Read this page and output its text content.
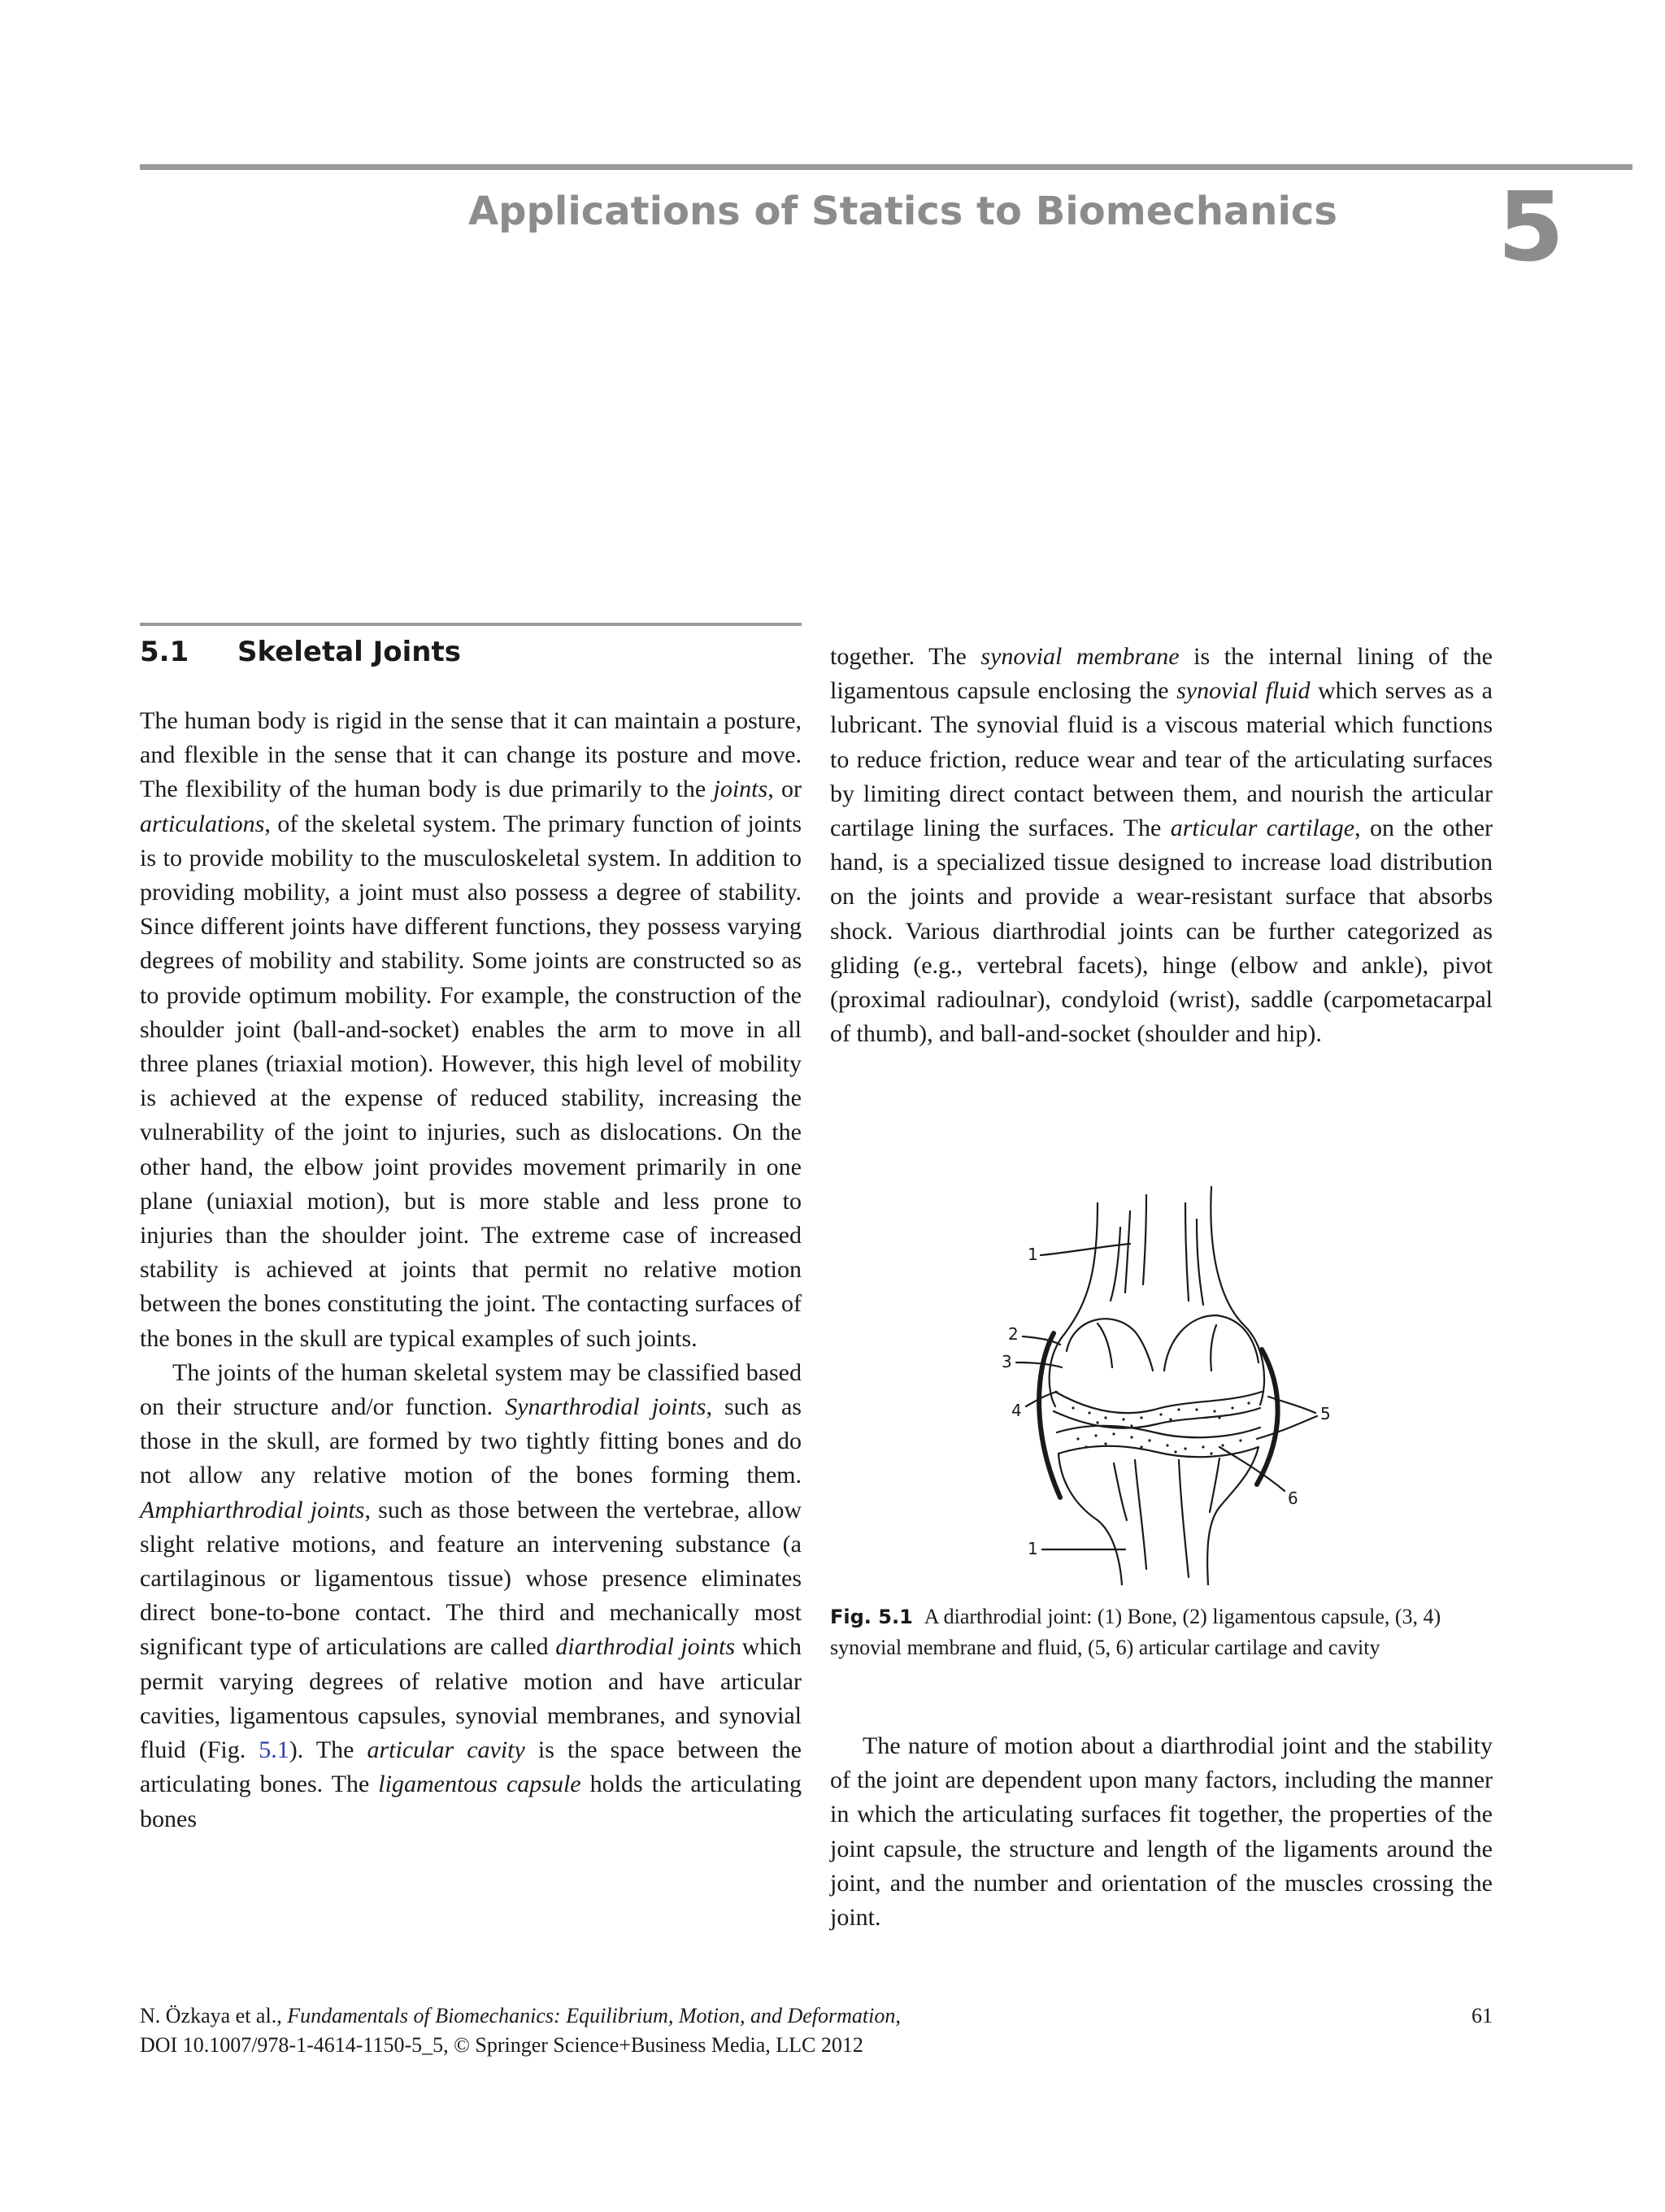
Applications of Statics to Biomechanics 5
5.1 Skeletal Joints

The human body is rigid in the sense that it can maintain a posture, and flexible in the sense that it can change its posture and move. The flexibility of the human body is due primarily to the joints, or articulations, of the skeletal system. The primary function of joints is to provide mobility to the musculoskeletal system. In addition to providing mobility, a joint must also possess a degree of stability. Since different joints have different functions, they possess varying degrees of mobility and stability. Some joints are constructed so as to provide optimum mobility. For example, the construction of the shoulder joint (ball-and-socket) enables the arm to move in all three planes (triaxial motion). However, this high level of mobility is achieved at the expense of reduced stability, increasing the vulnerability of the joint to injuries, such as dislocations. On the other hand, the elbow joint provides movement primarily in one plane (uniaxial motion), but is more stable and less prone to injuries than the shoulder joint. The extreme case of increased stability is achieved at joints that permit no relative motion between the bones constituting the joint. The contacting surfaces of the bones in the skull are typical examples of such joints.

The joints of the human skeletal system may be classified based on their structure and/or function. Synarthrodial joints, such as those in the skull, are formed by two tightly fitting bones and do not allow any relative motion of the bones forming them. Amphiarthrodial joints, such as those between the vertebrae, allow slight relative motions, and feature an intervening substance (a cartilaginous or ligamentous tissue) whose presence eliminates direct bone-to-bone contact. The third and mechanically most significant type of articulations are called diarthrodial joints which permit varying degrees of relative motion and have articular cavities, ligamentous capsules, synovial membranes, and synovial fluid (Fig. 5.1). The articular cavity is the space between the articulating bones. The ligamentous capsule holds the articulating bones

together. The synovial membrane is the internal lining of the ligamentous capsule enclosing the synovial fluid which serves as a lubricant. The synovial fluid is a viscous material which functions to reduce friction, reduce wear and tear of the articulating surfaces by limiting direct contact between them, and nourish the articular cartilage lining the surfaces. The articular cartilage, on the other hand, is a specialized tissue designed to increase load distribution on the joints and provide a wear-resistant surface that absorbs shock. Various diarthrodial joints can be further categorized as gliding (e.g., vertebral facets), hinge (elbow and ankle), pivot (proximal radioulnar), condyloid (wrist), saddle (carpometacarpal of thumb), and ball-and-socket (shoulder and hip).

1
2
3
4	5
6
1
Fig. 5.1 A diarthrodial joint: (1) Bone, (2) ligamentous capsule, (3, 4) synovial membrane and fluid, (5, 6) articular cartilage and cavity

The nature of motion about a diarthrodial joint and the stability of the joint are dependent upon many factors, including the manner in which the articulating surfaces fit together, the properties of the joint capsule, the structure and length of the ligaments around the joint, and the number and orientation of the muscles crossing the joint.

N. Özkaya et al., Fundamentals of Biomechanics: Equilibrium, Motion, and Deformation,
DOI 10.1007/978-1-4614-1150-5_5, © Springer Science+Business Media, LLC 2012
61
